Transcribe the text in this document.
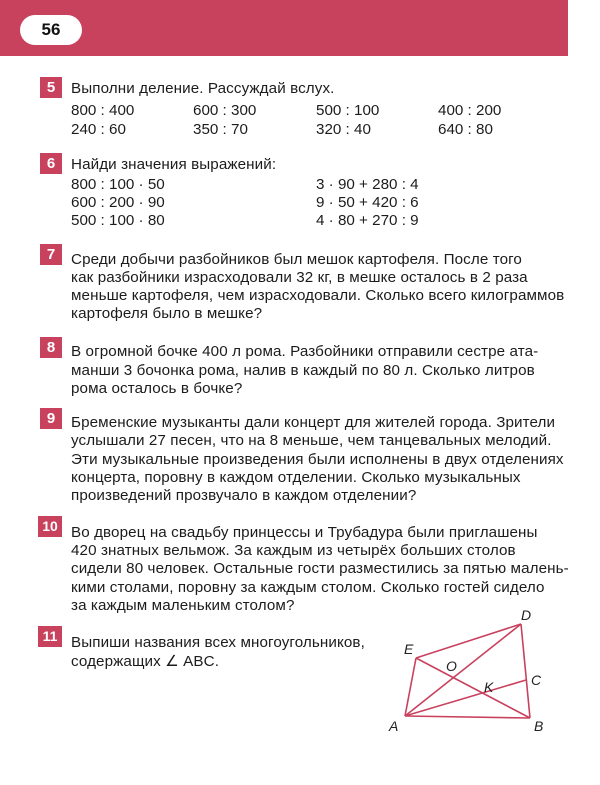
56
5	Выполни деление. Рассуждай вслух.
800 : 400	600 : 300	500 : 100	400 : 200
240 : 60	350 : 70	320 : 40	640 : 80
6	Найди значения выражений:
800 : 100 · 50	3 · 90 + 280 : 4
600 : 200 · 90	9 · 50 + 420 : 6
500 : 100 · 80	4 · 80 + 270 : 9
7	Среди добычи разбойников был мешок картофеля. После того
как разбойники израсходовали 32 кг, в мешке осталось в 2 раза
меньше картофеля, чем израсходовали. Сколько всего килограммов
картофеля было в мешке?
8	В огромной бочке 400 л рома. Разбойники отправили сестре ата-
манши 3 бочонка рома, налив в каждый по 80 л. Сколько литров
рома осталось в бочке?
9	Бременские музыканты дали концерт для жителей города. Зрители
услышали 27 песен, что на 8 меньше, чем танцевальных мелодий.
Эти музыкальные произведения были исполнены в двух отделениях
концерта, поровну в каждом отделении. Сколько музыкальных
произведений прозвучало в каждом отделении?
10 Во дворец на свадьбу принцессы и Трубадура были приглашены
420 знатных вельмож. За каждым из четырёх больших столов
сидели 80 человек. Остальные гости разместились за пятью малень-
кими столами, поровну за каждым столом. Сколько гостей сидело
за каждым маленьким столом?
11 Выпиши названия всех многоугольников,
содержащих ∠ ABC.
D
E
O
C
K
A	B
